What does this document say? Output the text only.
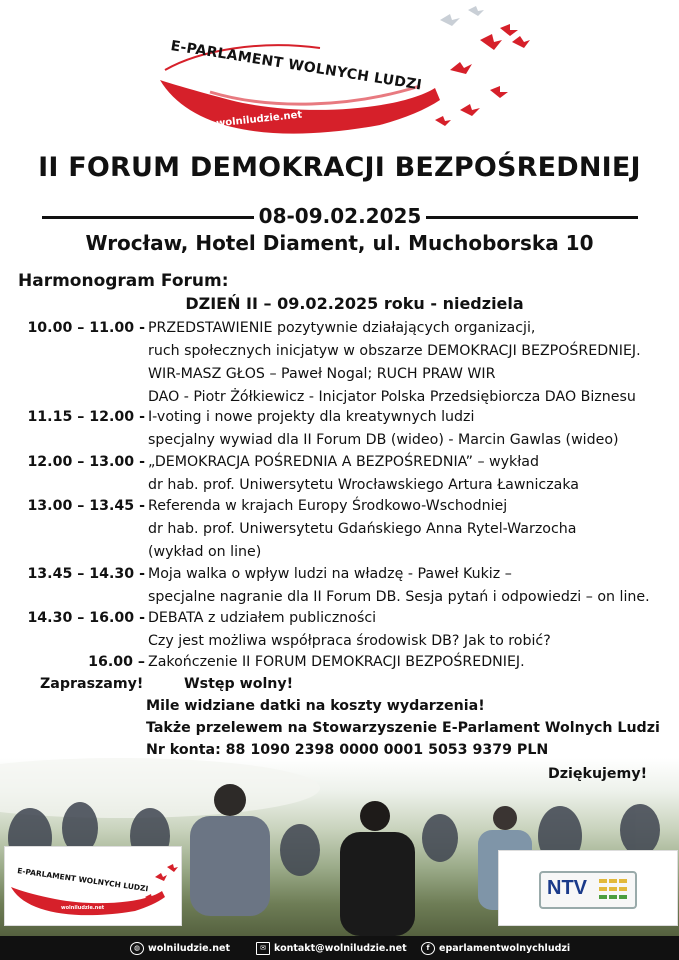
E-PARLAMENT WOLNYCH LUDZI
wolniludzie.net
II FORUM DEMOKRACJI BEZPOŚREDNIEJ
08-09.02.2025
Wrocław, Hotel Diament, ul. Muchoborska 10
Harmonogram Forum:
DZIEŃ II – 09.02.2025 roku - niedziela
10.00 – 11.00 - PRZEDSTAWIENIE pozytywnie działających organizacji,
ruch społecznych inicjatyw w obszarze DEMOKRACJI BEZPOŚREDNIEJ.
WIR-MASZ GŁOS – Paweł Nogal; RUCH PRAW WIR
DAO - Piotr Żółkiewicz - Inicjator Polska Przedsiębiorcza DAO Biznesu
11.15 – 12.00 - I-voting i nowe projekty dla kreatywnych ludzi
specjalny wywiad dla II Forum DB (wideo) - Marcin Gawlas (wideo)
12.00 – 13.00 - „DEMOKRACJA POŚREDNIA A BEZPOŚREDNIA” – wykład
dr hab. prof. Uniwersytetu Wrocławskiego Artura Ławniczaka
13.00 – 13.45 - Referenda w krajach Europy Środkowo-Wschodniej
dr hab. prof. Uniwersytetu Gdańskiego Anna Rytel-Warzocha
(wykład on line)
13.45 – 14.30 - Moja walka o wpływ ludzi na władzę - Paweł Kukiz –
specjalne nagranie dla II Forum DB. Sesja pytań i odpowiedzi – on line.
14.30 – 16.00 - DEBATA z udziałem publiczności
Czy jest możliwa współpraca środowisk DB? Jak to robić?
16.00 – Zakończenie II FORUM DEMOKRACJI BEZPOŚREDNIEJ.
Zapraszamy!	Wstęp wolny!
Mile widziane datki na koszty wydarzenia!
Także przelewem na Stowarzyszenie E-Parlament Wolnych Ludzi
Nr konta: 88 1090 2398 0000 0001 5053 9379 PLN
Dziękujemy!
E-PARLAMENT WOLNYCH LUDZI
wolniludzie.net
NTV
◍ wolniludzie.net	✉ kontakt@wolniludzie.net	f eparlamentwolnychludzi
